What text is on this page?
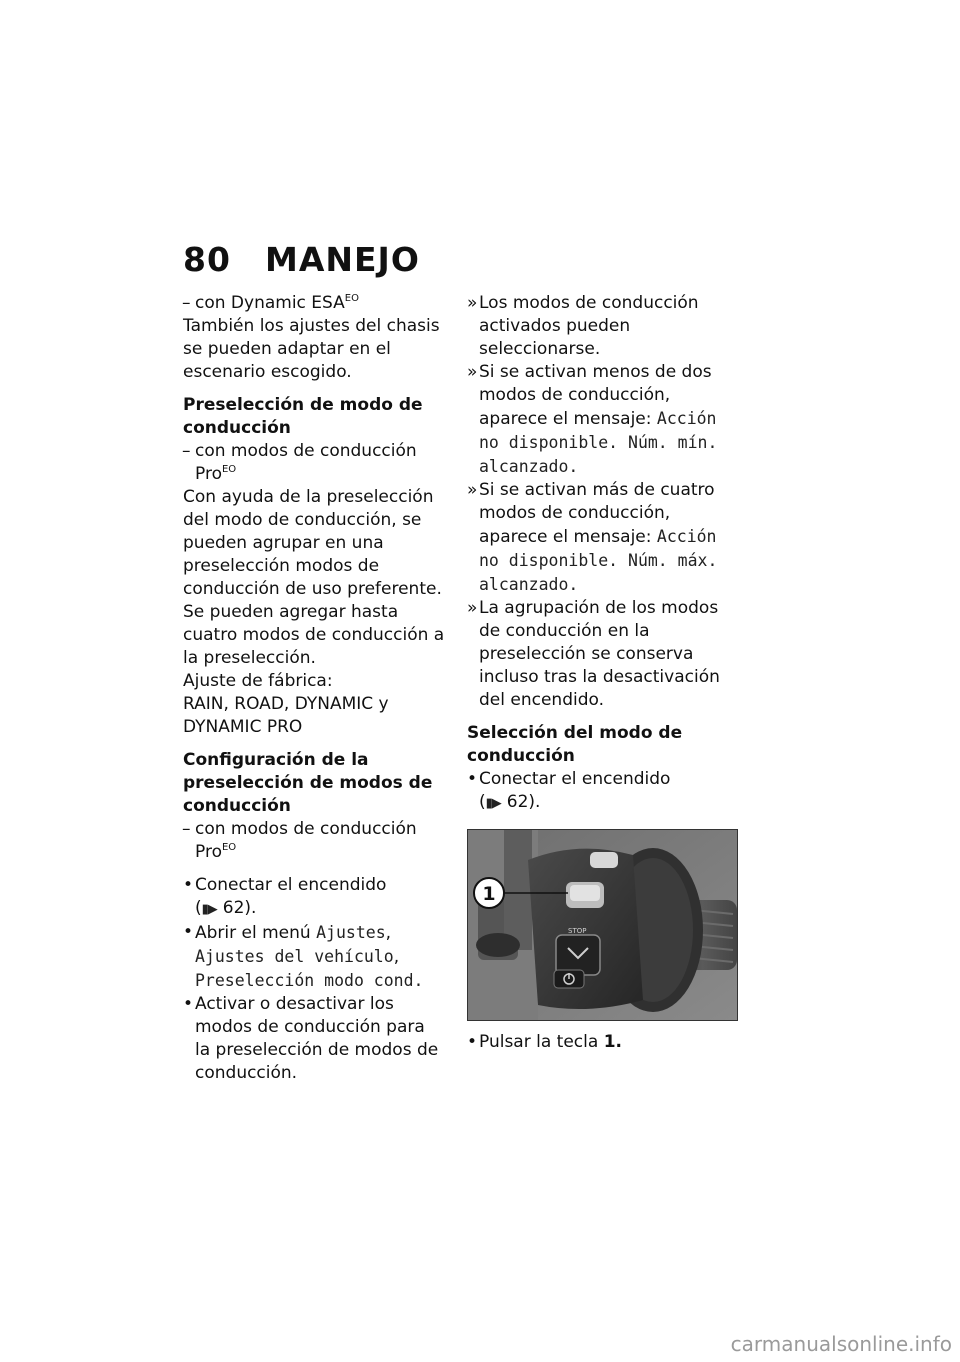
80 MANEJO

– con Dynamic $ESA^{EO}$

También los ajustes del chasis se pueden adaptar en el escenario escogido.

Preselección de modo de conducción

– con modos de conducción Pro$^{EO}$

Con ayuda de la preselección del modo de conducción, se pueden agrupar en una preselección modos de conducción de uso preferente.

Se pueden agregar hasta cuatro modos de conducción a la preselección.

Ajuste de fábrica:

RAIN, ROAD, DYNAMIC y DYNAMIC PRO

Configuración de la preselección de modos de conducción

– con modos de conducción Pro$^{EO}$

• Conectar el encendido
(▮▶ 62).

• Abrir el menú Ajustes, Ajustes del vehículo, Preselección modo cond.

• Activar o desactivar los modos de conducción para la preselección de modos de conducción.

» Los modos de conducción activados pueden seleccionarse.

» Si se activan menos de dos modos de conducción, aparece el mensaje: Acción no disponible. Núm. mín. alcanzado.

» Si se activan más de cuatro modos de conducción, aparece el mensaje: Acción no disponible. Núm. máx. alcanzado.

» La agrupación de los modos de conducción en la preselección se conserva incluso tras la desactivación del encendido.

Selección del modo de conducción

• Conectar el encendido
(▮▶ 62).

STOP
1

• Pulsar la tecla 1.

carmanualsonline.info
